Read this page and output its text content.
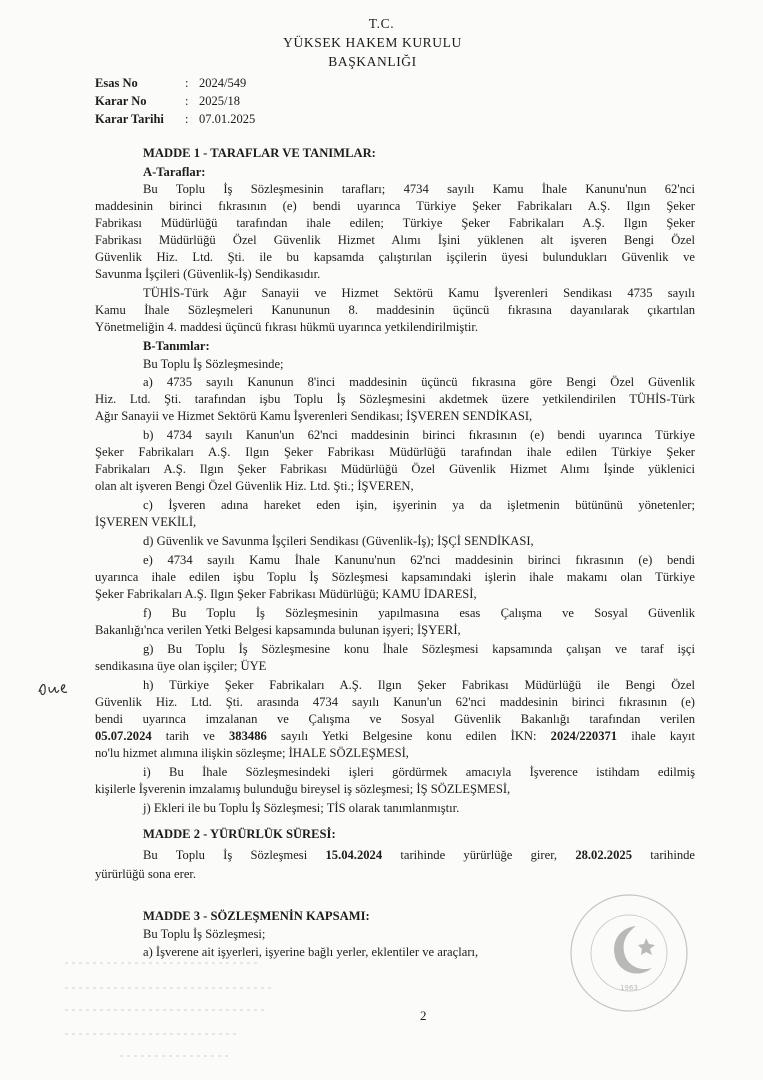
T.C.
YÜKSEK HAKEM KURULU
BAŞKANLIĞI
Esas No	: 2024/549
Karar No	: 2025/18
Karar Tarihi	: 07.01.2025
MADDE 1 - TARAFLAR VE TANIMLAR:
A-Taraflar:
Bu Toplu İş Sözleşmesinin tarafları; 4734 sayılı Kamu İhale Kanunu'nun 62'nci
maddesinin birinci fıkrasının (e) bendi uyarınca Türkiye Şeker Fabrikaları A.Ş. Ilgın Şeker
Fabrikası Müdürlüğü tarafından ihale edilen; Türkiye Şeker Fabrikaları A.Ş. Ilgın Şeker
Fabrikası Müdürlüğü Özel Güvenlik Hizmet Alımı İşini yüklenen alt işveren Bengi Özel
Güvenlik Hiz. Ltd. Şti. ile bu kapsamda çalıştırılan işçilerin üyesi bulundukları Güvenlik ve
Savunma İşçileri (Güvenlik-İş) Sendikasıdır.
TÜHİS-Türk Ağır Sanayii ve Hizmet Sektörü Kamu İşverenleri Sendikası 4735 sayılı
Kamu İhale Sözleşmeleri Kanununun 8. maddesinin üçüncü fıkrasına dayanılarak çıkartılan
Yönetmeliğin 4. maddesi üçüncü fıkrası hükmü uyarınca yetkilendirilmiştir.
B-Tanımlar:
Bu Toplu İş Sözleşmesinde;
a) 4735 sayılı Kanunun 8'inci maddesinin üçüncü fıkrasına göre Bengi Özel Güvenlik
Hiz. Ltd. Şti. tarafından işbu Toplu İş Sözleşmesini akdetmek üzere yetkilendirilen TÜHİS-Türk
Ağır Sanayii ve Hizmet Sektörü Kamu İşverenleri Sendikası; İŞVEREN SENDİKASI,
b) 4734 sayılı Kanun'un 62'nci maddesinin birinci fıkrasının (e) bendi uyarınca Türkiye
Şeker Fabrikaları A.Ş. Ilgın Şeker Fabrikası Müdürlüğü tarafından ihale edilen Türkiye Şeker
Fabrikaları A.Ş. Ilgın Şeker Fabrikası Müdürlüğü Özel Güvenlik Hizmet Alımı İşinde yüklenici
olan alt işveren Bengi Özel Güvenlik Hiz. Ltd. Şti.; İŞVEREN,
c) İşveren adına hareket eden işin, işyerinin ya da işletmenin bütününü yönetenler;
İŞVEREN VEKİLİ,
d) Güvenlik ve Savunma İşçileri Sendikası (Güvenlik-İş); İŞÇİ SENDİKASI,
e) 4734 sayılı Kamu İhale Kanunu'nun 62'nci maddesinin birinci fıkrasının (e) bendi
uyarınca ihale edilen işbu Toplu İş Sözleşmesi kapsamındaki işlerin ihale makamı olan Türkiye
Şeker Fabrikaları A.Ş. Ilgın Şeker Fabrikası Müdürlüğü; KAMU İDARESİ,
f) Bu Toplu İş Sözleşmesinin yapılmasına esas Çalışma ve Sosyal Güvenlik
Bakanlığı'nca verilen Yetki Belgesi kapsamında bulunan işyeri; İŞYERİ,
g) Bu Toplu İş Sözleşmesine konu İhale Sözleşmesi kapsamında çalışan ve taraf işçi
sendikasına üye olan işçiler; ÜYE
h) Türkiye Şeker Fabrikaları A.Ş. Ilgın Şeker Fabrikası Müdürlüğü ile Bengi Özel
Güvenlik Hiz. Ltd. Şti. arasında 4734 sayılı Kanun'un 62'nci maddesinin birinci fıkrasının (e)
bendi uyarınca imzalanan ve Çalışma ve Sosyal Güvenlik Bakanlığı tarafından verilen
05.07.2024 tarih ve 383486 sayılı Yetki Belgesine konu edilen İKN: 2024/220371 ihale kayıt
no'lu hizmet alımına ilişkin sözleşme; İHALE SÖZLEŞMESİ,
i) Bu İhale Sözleşmesindeki işleri gördürmek amacıyla İşverence istihdam edilmiş
kişilerle İşverenin imzalamış bulunduğu bireysel iş sözleşmesi; İŞ SÖZLEŞMESİ,
j) Ekleri ile bu Toplu İş Sözleşmesi; TİS olarak tanımlanmıştır.
MADDE 2 - YÜRÜRLÜK SÜRESİ:
Bu Toplu İş Sözleşmesi 15.04.2024 tarihinde yürürlüğe girer, 28.02.2025 tarihinde
yürürlüğü sona erer.
MADDE 3 - SÖZLEŞMENİN KAPSAMI:
Bu Toplu İş Sözleşmesi;
a) İşverene ait işyerleri, işyerine bağlı yerler, eklentiler ve araçları,
1963
2
